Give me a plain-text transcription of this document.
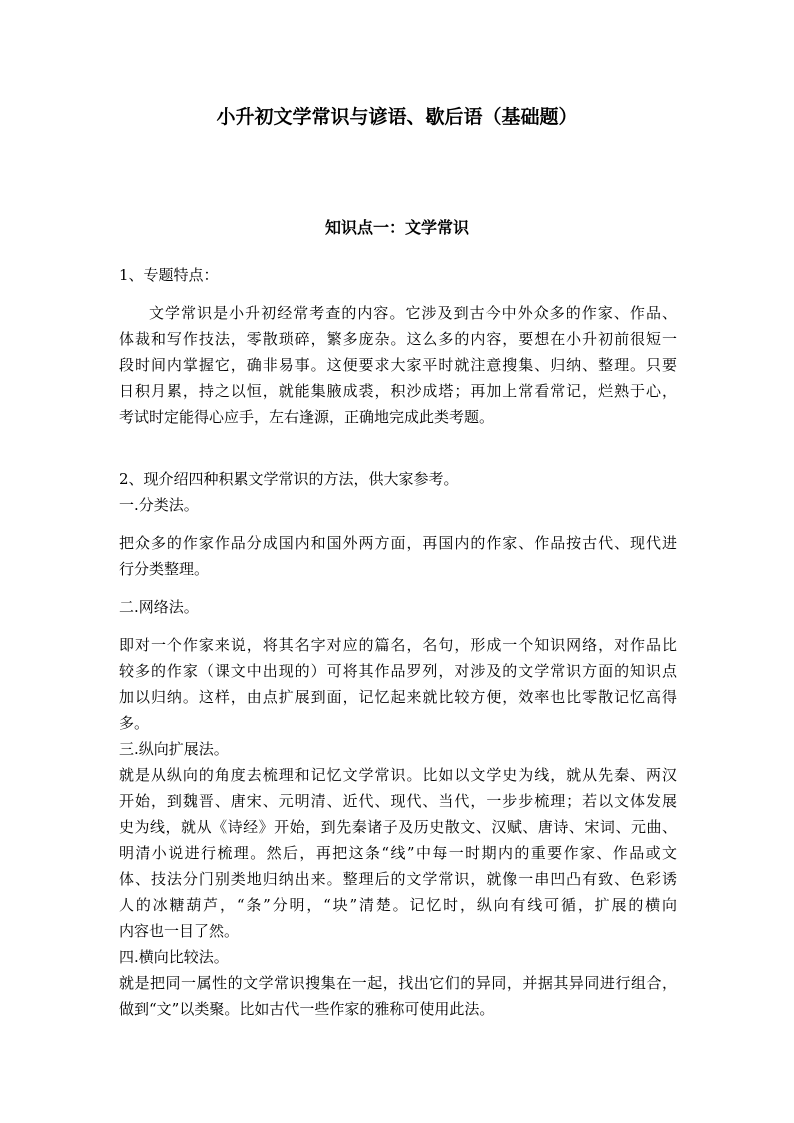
小升初文学常识与谚语、歇后语（基础题）
知识点一：文学常识
1、专题特点：
文学常识是小升初经常考查的内容。它涉及到古今中外众多的作家、作品、
体裁和写作技法，零散琐碎，繁多庞杂。这么多的内容，要想在小升初前很短一
段时间内掌握它，确非易事。这便要求大家平时就注意搜集、归纳、整理。只要
日积月累，持之以恒，就能集腋成裘，积沙成塔；再加上常看常记，烂熟于心，
考试时定能得心应手，左右逢源，正确地完成此类考题。
2、现介绍四种积累文学常识的方法，供大家参考。
一.分类法。
把众多的作家作品分成国内和国外两方面，再国内的作家、作品按古代、现代进
行分类整理。
二.网络法。
即对一个作家来说，将其名字对应的篇名，名句，形成一个知识网络，对作品比
较多的作家（课文中出现的）可将其作品罗列，对涉及的文学常识方面的知识点
加以归纳。这样，由点扩展到面，记忆起来就比较方便，效率也比零散记忆高得
多。
三.纵向扩展法。
就是从纵向的角度去梳理和记忆文学常识。比如以文学史为线，就从先秦、两汉
开始，到魏晋、唐宋、元明清、近代、现代、当代，一步步梳理；若以文体发展
史为线，就从《诗经》开始，到先秦诸子及历史散文、汉赋、唐诗、宋词、元曲、
明清小说进行梳理。然后，再把这条“线”中每一时期内的重要作家、作品或文
体、技法分门别类地归纳出来。整理后的文学常识，就像一串凹凸有致、色彩诱
人的冰糖葫芦，“条”分明，“块”清楚。记忆时，纵向有线可循，扩展的横向
内容也一目了然。
四.横向比较法。
就是把同一属性的文学常识搜集在一起，找出它们的异同，并据其异同进行组合，
做到“文”以类聚。比如古代一些作家的雅称可使用此法。
